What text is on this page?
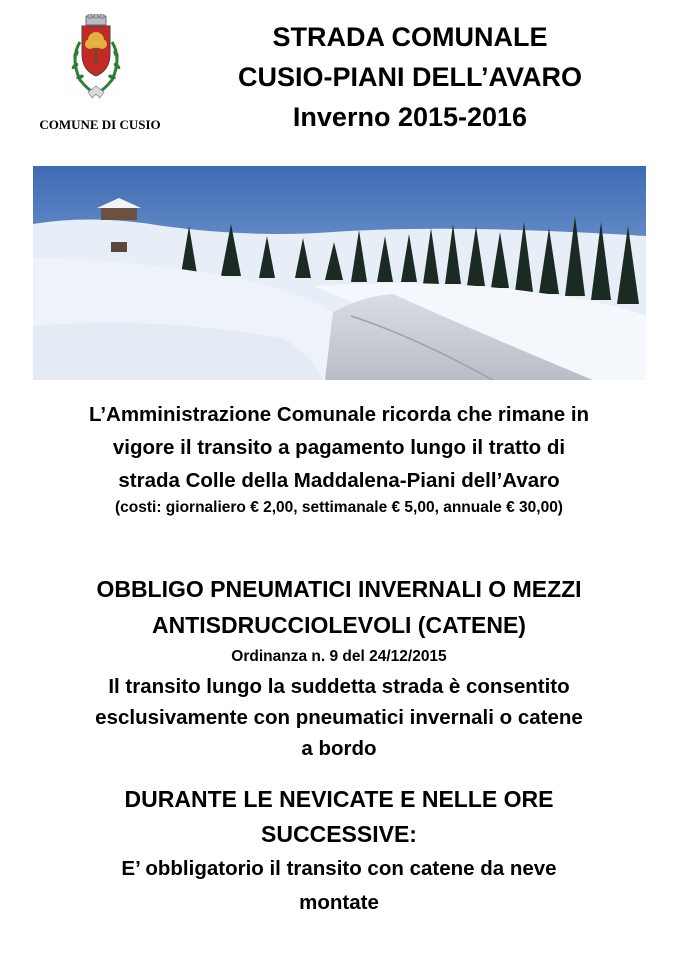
COMUNE DI CUSIO
STRADA COMUNALE
CUSIO-PIANI DELL’AVARO
Inverno 2015-2016
L’Amministrazione Comunale ricorda che rimane in
vigore il transito a pagamento lungo il tratto di
strada Colle della Maddalena-Piani dell’Avaro
(costi: giornaliero € 2,00, settimanale € 5,00, annuale € 30,00)
OBBLIGO PNEUMATICI INVERNALI O MEZZI
ANTISDRUCCIOLEVOLI (CATENE)
Ordinanza n. 9 del 24/12/2015
Il transito lungo la suddetta strada è consentito
esclusivamente con pneumatici invernali o catene
a bordo
DURANTE LE NEVICATE E NELLE ORE
SUCCESSIVE:
E’ obbligatorio il transito con catene da neve
montate
